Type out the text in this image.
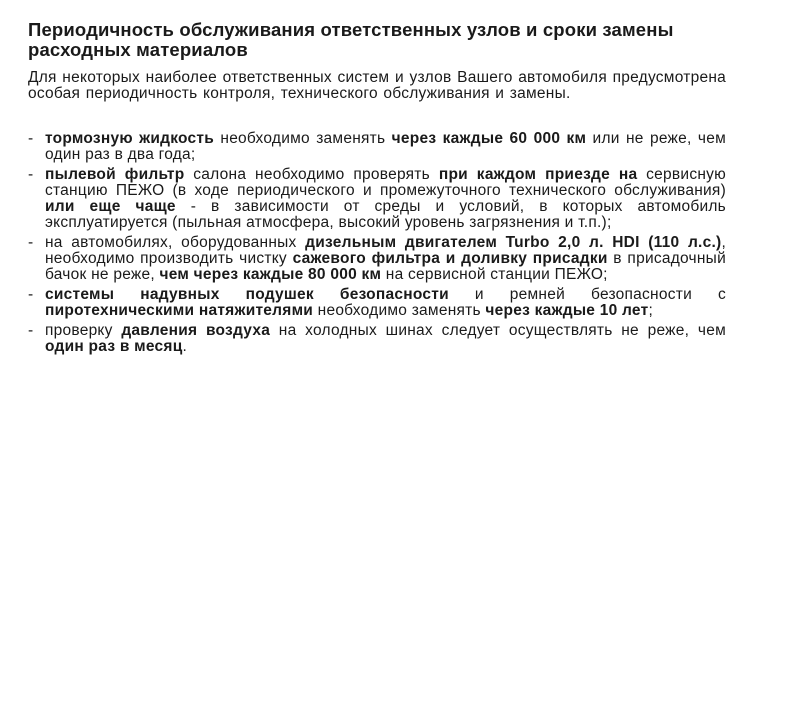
Периодичность обслуживания ответственных узлов и сроки замены расходных материалов

Для некоторых наиболее ответственных систем и узлов Вашего автомобиля предусмотрена особая периодичность контроля, технического обслуживания и замены.

- тормозную жидкость необходимо заменять через каждые 60 000 км или не реже, чем один раз в два года;
- пылевой фильтр салона необходимо проверять при каждом приезде на сервисную станцию ПЕЖО (в ходе периодического и промежуточного технического обслуживания) или еще чаще - в зависимости от среды и условий, в которых автомобиль эксплуатируется (пыльная атмосфера, высокий уровень загрязнения и т.п.);
- на автомобилях, оборудованных дизельным двигателем Turbo 2,0 л. HDI (110 л.с.), необходимо производить чистку сажевого фильтра и доливку присадки в присадочный бачок не реже, чем через каждые 80 000 км на сервисной станции ПЕЖО;
- системы надувных подушек безопасности и ремней безопасности с пиротехническими натяжителями необходимо заменять через каждые 10 лет;
- проверку давления воздуха на холодных шинах следует осуществлять не реже, чем один раз в месяц.
